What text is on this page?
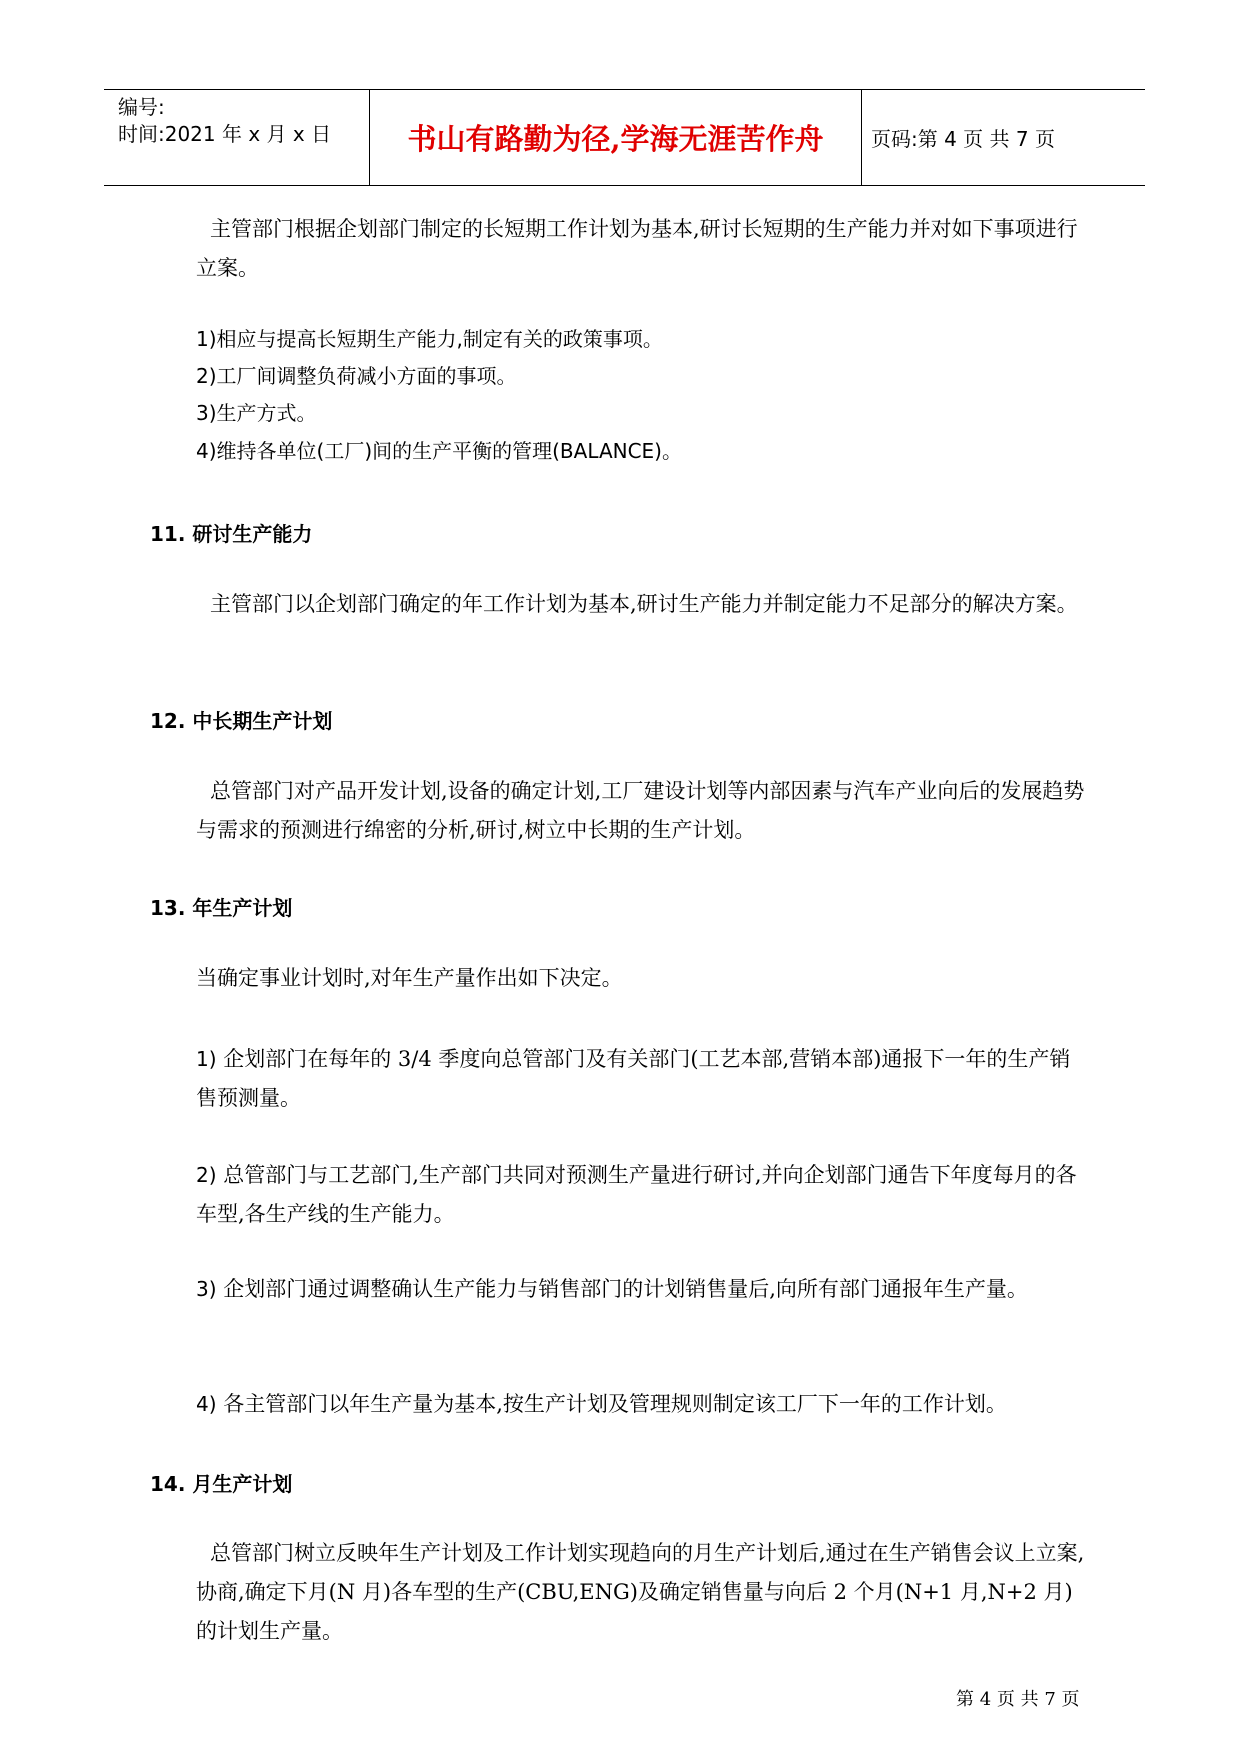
编号:
时间:2021 年 x 月 x 日	书山有路勤为径,学海无涯苦作舟	页码:第 4 页 共 7 页

主管部门根据企划部门制定的长短期工作计划为基本,研讨长短期的生产能力并对如下事项进行立案。

1)相应与提高长短期生产能力,制定有关的政策事项。

2)工厂间调整负荷减小方面的事项。

3)生产方式。

4)维持各单位(工厂)间的生产平衡的管理(BALANCE)。

11. 研讨生产能力

主管部门以企划部门确定的年工作计划为基本,研讨生产能力并制定能力不足部分的解决方案。

12. 中长期生产计划

总管部门对产品开发计划,设备的确定计划,工厂建设计划等内部因素与汽车产业向后的发展趋势与需求的预测进行绵密的分析,研讨,树立中长期的生产计划。

13. 年生产计划

当确定事业计划时,对年生产量作出如下决定。

1) 企划部门在每年的 3/4 季度向总管部门及有关部门(工艺本部,营销本部)通报下一年的生产销售预测量。
2) 总管部门与工艺部门,生产部门共同对预测生产量进行研讨,并向企划部门通告下年度每月的各车型,各生产线的生产能力。
3) 企划部门通过调整确认生产能力与销售部门的计划销售量后,向所有部门通报年生产量。
4) 各主管部门以年生产量为基本,按生产计划及管理规则制定该工厂下一年的工作计划。

14. 月生产计划

总管部门树立反映年生产计划及工作计划实现趋向的月生产计划后,通过在生产销售会议上立案,协商,确定下月(N 月)各车型的生产(CBU,ENG)及确定销售量与向后 2 个月(N+1 月,N+2 月)的计划生产量。

第 4 页 共 7 页
